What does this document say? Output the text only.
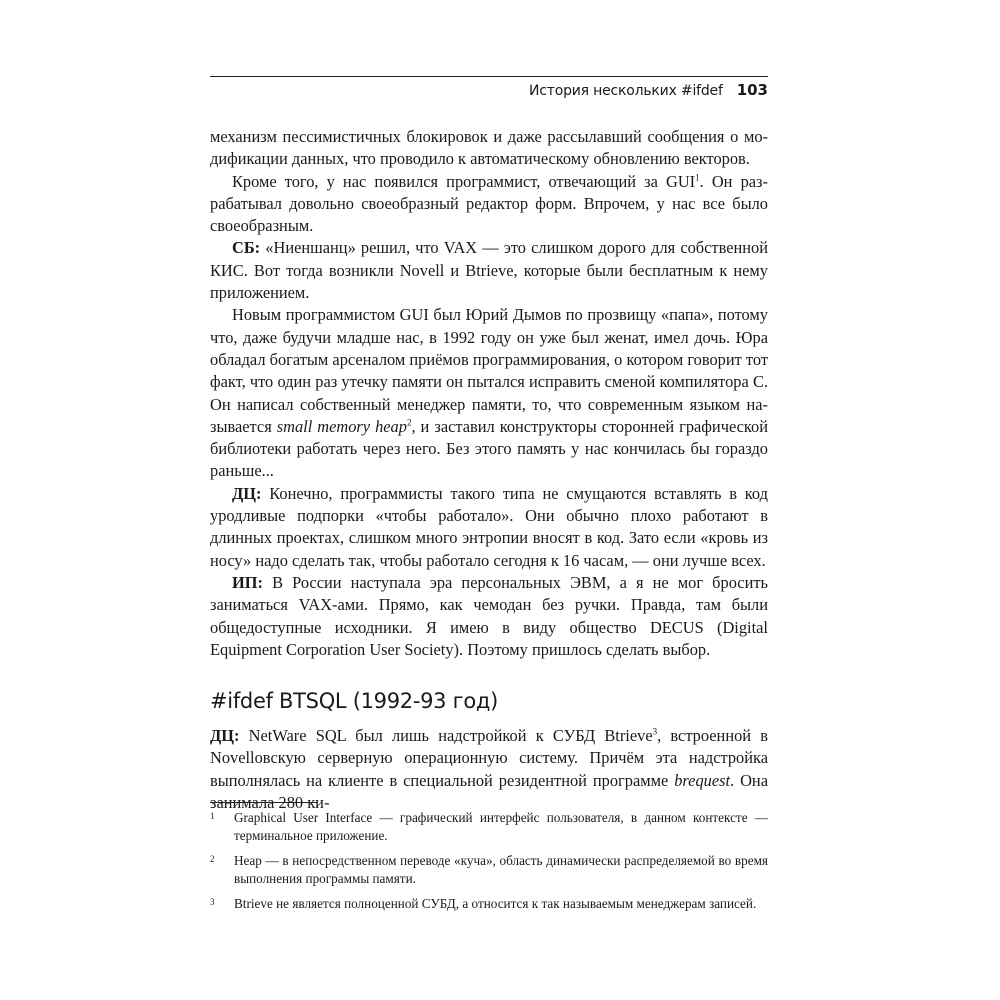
История нескольких #ifdef 103

механизм пессимистичных блокировок и даже рассылавший сообщения о модификации данных, что проводило к автоматическому обновлению векторов.

Кроме того, у нас появился программист, отвечающий за GUI$^1$. Он разрабатывал довольно своеобразный редактор форм. Впрочем, у нас все было своеобразным.

СБ: «Ниеншанц» решил, что VAX — это слишком дорого для собственной КИС. Вот тогда возникли Novell и Btrieve, которые были бесплатным к нему приложением.

Новым программистом GUI был Юрий Дымов по прозвищу «папа», потому что, даже будучи младше нас, в 1992 году он уже был женат, имел дочь. Юра обладал богатым арсеналом приёмов программирования, о котором говорит тот факт, что один раз утечку памяти он пытался исправить сменой компилятора С. Он написал собственный менеджер памяти, то, что современным языком называется small memory heap$^2$, и заставил конструкторы сторонней графической библиотеки работать через него. Без этого память у нас кончилась бы гораздо раньше...

ДЦ: Конечно, программисты такого типа не смущаются вставлять в код уродливые подпорки «чтобы работало». Они обычно плохо работают в длинных проектах, слишком много энтропии вносят в код. Зато если «кровь из носу» надо сделать так, чтобы работало сегодня к 16 часам, — они лучше всех.

ИП: В России наступала эра персональных ЭВМ, а я не мог бросить заниматься VAX-ами. Прямо, как чемодан без ручки. Правда, там были общедоступные исходники. Я имею в виду общество DECUS (Digital Equipment Corporation User Society). Поэтому пришлось сделать выбор.

#ifdef BTSQL (1992-93 год)

ДЦ: NetWare SQL был лишь надстройкой к СУБД Btrieve$^3$, встроенной в Novellовскую серверную операционную систему. Причём эта надстройка выполнялась на клиенте в специальной резидентной программе brequest. Она занимала 280 ки-

1	Graphical User Interface — графический интерфейс пользователя, в данном контексте — терминальное приложение.
2	Heap — в непосредственном переводе «куча», область динамически распределяемой во время выполнения программы памяти.
3	Btrieve не является полноценной СУБД, а относится к так называемым менеджерам записей.
